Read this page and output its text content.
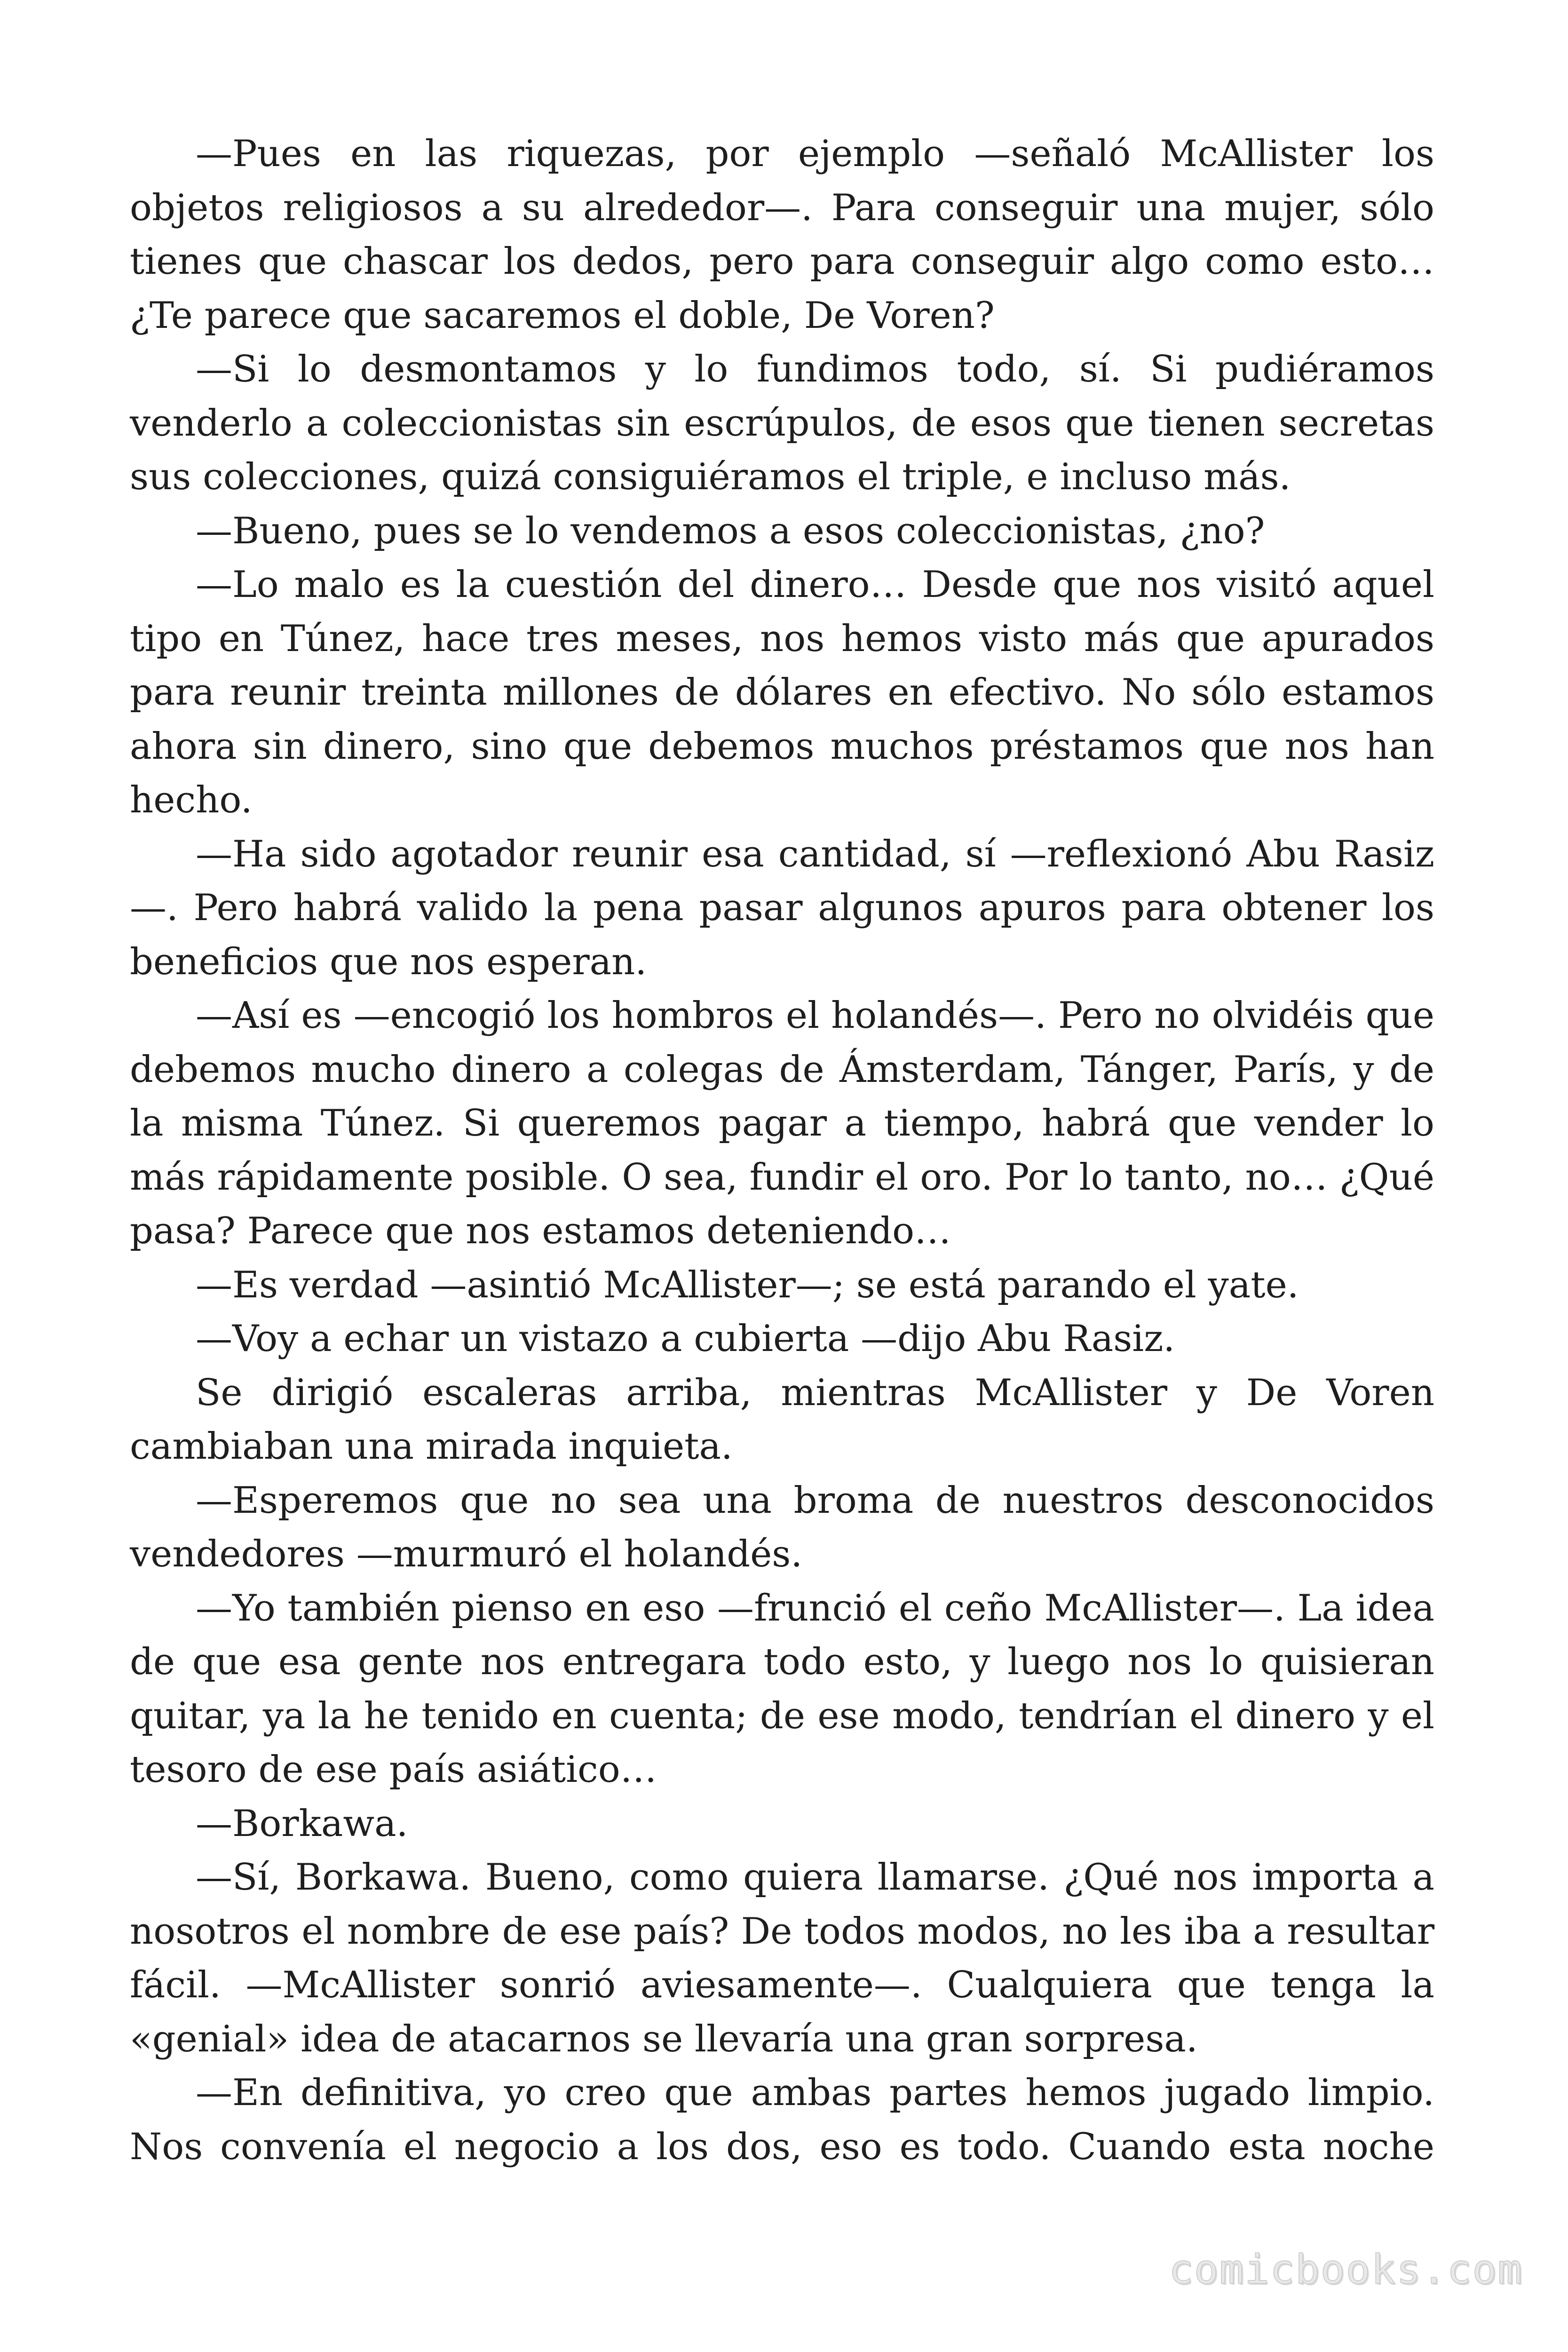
—Pues en las riquezas, por ejemplo —señaló McAllister los objetos religiosos a su alrededor—. Para conseguir una mujer, sólo tienes que chascar los dedos, pero para conseguir algo como esto… ¿Te parece que sacaremos el doble, De Voren?

—Si lo desmontamos y lo fundimos todo, sí. Si pudiéramos venderlo a coleccionistas sin escrúpulos, de esos que tienen secretas sus colecciones, quizá consiguiéramos el triple, e incluso más.

—Bueno, pues se lo vendemos a esos coleccionistas, ¿no?

—Lo malo es la cuestión del dinero… Desde que nos visitó aquel tipo en Túnez, hace tres meses, nos hemos visto más que apurados para reunir treinta millones de dólares en efectivo. No sólo estamos ahora sin dinero, sino que debemos muchos préstamos que nos han hecho.

—Ha sido agotador reunir esa cantidad, sí —reflexionó Abu Rasiz—. Pero habrá valido la pena pasar algunos apuros para obtener los beneficios que nos esperan.

—Así es —encogió los hombros el holandés—. Pero no olvidéis que debemos mucho dinero a colegas de Ámsterdam, Tánger, París, y de la misma Túnez. Si queremos pagar a tiempo, habrá que vender lo más rápidamente posible. O sea, fundir el oro. Por lo tanto, no… ¿Qué pasa? Parece que nos estamos deteniendo…

—Es verdad —asintió McAllister—; se está parando el yate.

—Voy a echar un vistazo a cubierta —dijo Abu Rasiz.

Se dirigió escaleras arriba, mientras McAllister y De Voren cambiaban una mirada inquieta.

—Esperemos que no sea una broma de nuestros desconocidos vendedores —murmuró el holandés.

—Yo también pienso en eso —frunció el ceño McAllister—. La idea de que esa gente nos entregara todo esto, y luego nos lo quisieran quitar, ya la he tenido en cuenta; de ese modo, tendrían el dinero y el tesoro de ese país asiático…

—Borkawa.

—Sí, Borkawa. Bueno, como quiera llamarse. ¿Qué nos importa a nosotros el nombre de ese país? De todos modos, no les iba a resultar fácil. —McAllister sonrió aviesamente—. Cualquiera que tenga la «genial» idea de atacarnos se llevaría una gran sorpresa.

—En definitiva, yo creo que ambas partes hemos jugado limpio. Nos convenía el negocio a los dos, eso es todo. Cuando esta noche

comicbooks.com
